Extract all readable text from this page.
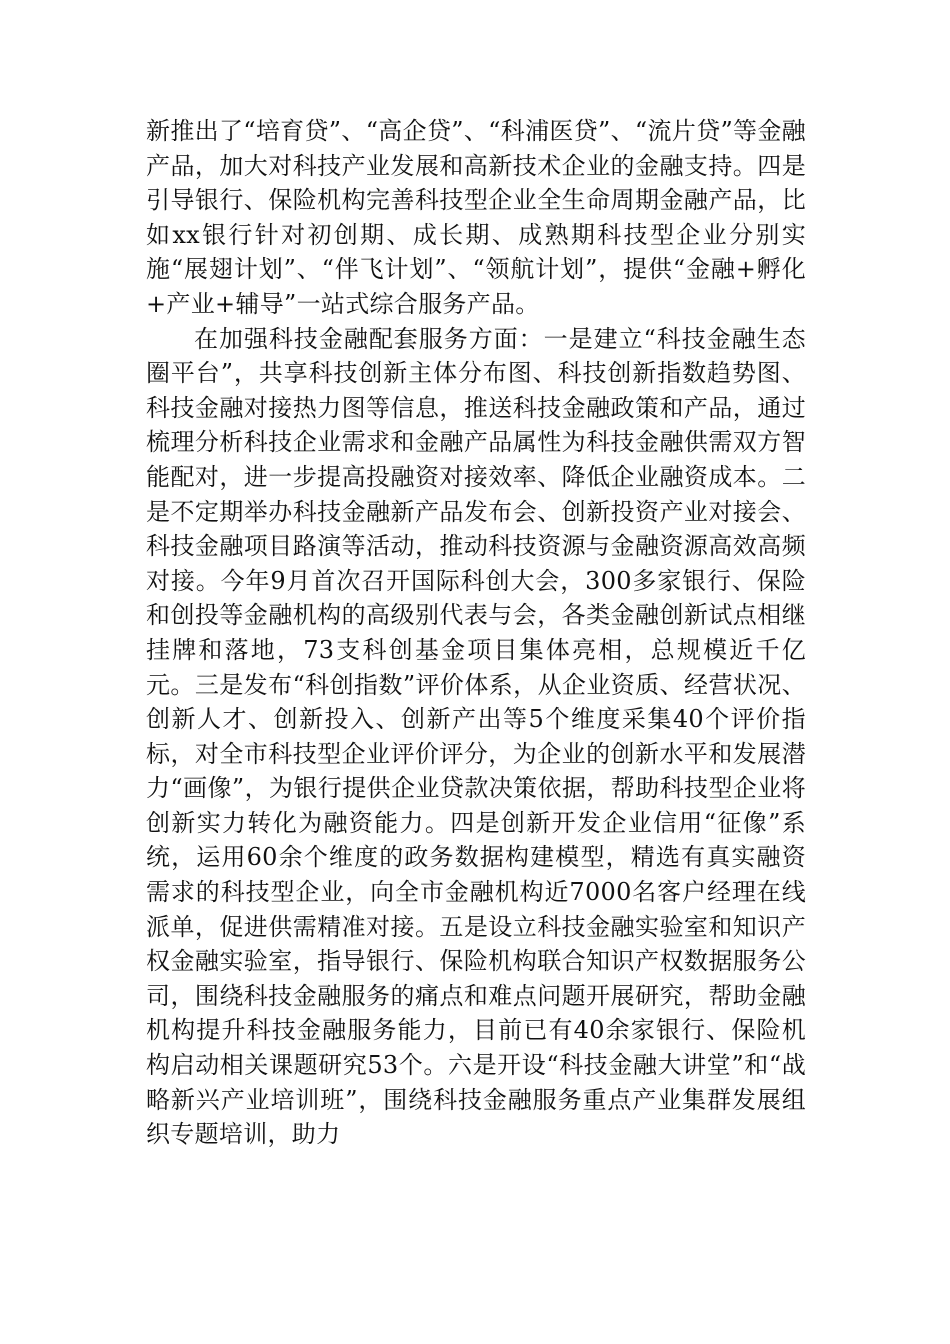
新推出了“培育贷”、“高企贷”、“科浦医贷”、“流片贷”等金融产品，加大对科技产业发展和高新技术企业的金融支持。四是引导银行、保险机构完善科技型企业全生命周期金融产品，比如xx银行针对初创期、成长期、成熟期科技型企业分别实施“展翅计划”、“伴飞计划”、“领航计划”，提供“金融+孵化+产业+辅导”一站式综合服务产品。

在加强科技金融配套服务方面：一是建立“科技金融生态圈平台”，共享科技创新主体分布图、科技创新指数趋势图、科技金融对接热力图等信息，推送科技金融政策和产品，通过梳理分析科技企业需求和金融产品属性为科技金融供需双方智能配对，进一步提高投融资对接效率、降低企业融资成本。二是不定期举办科技金融新产品发布会、创新投资产业对接会、科技金融项目路演等活动，推动科技资源与金融资源高效高频对接。今年9月首次召开国际科创大会，300多家银行、保险和创投等金融机构的高级别代表与会，各类金融创新试点相继挂牌和落地，73支科创基金项目集体亮相，总规模近千亿元。三是发布“科创指数”评价体系，从企业资质、经营状况、创新人才、创新投入、创新产出等5个维度采集40个评价指标，对全市科技型企业评价评分，为企业的创新水平和发展潜力“画像”，为银行提供企业贷款决策依据，帮助科技型企业将创新实力转化为融资能力。四是创新开发企业信用“征像”系统，运用60余个维度的政务数据构建模型，精选有真实融资需求的科技型企业，向全市金融机构近7000名客户经理在线派单，促进供需精准对接。五是设立科技金融实验室和知识产权金融实验室，指导银行、保险机构联合知识产权数据服务公司，围绕科技金融服务的痛点和难点问题开展研究，帮助金融机构提升科技金融服务能力，目前已有40余家银行、保险机构启动相关课题研究53个。六是开设“科技金融大讲堂”和“战略新兴产业培训班”，围绕科技金融服务重点产业集群发展组织专题培训，助力
